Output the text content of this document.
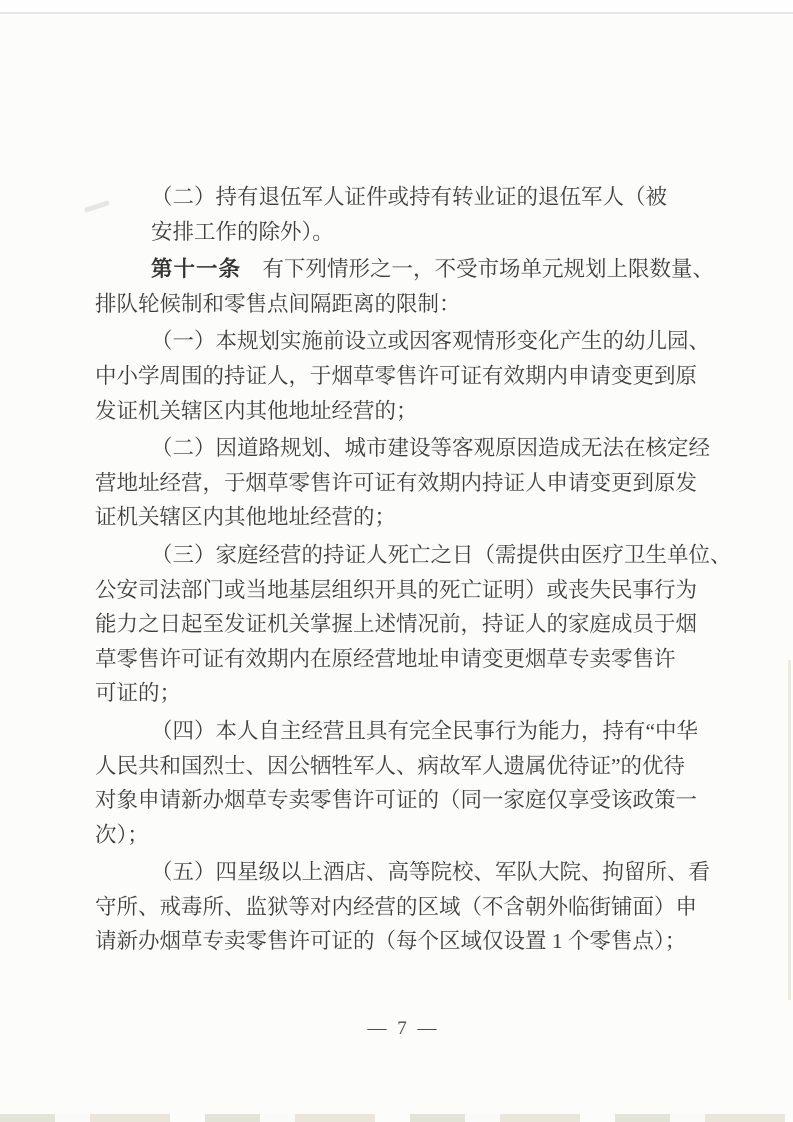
（二）持有退伍军人证件或持有转业证的退伍军人（被
安排工作的除外）。
第十一条　有下列情形之一，不受市场单元规划上限数量、
排队轮候制和零售点间隔距离的限制：
（一）本规划实施前设立或因客观情形变化产生的幼儿园、
中小学周围的持证人，于烟草零售许可证有效期内申请变更到原
发证机关辖区内其他地址经营的；
（二）因道路规划、城市建设等客观原因造成无法在核定经
营地址经营，于烟草零售许可证有效期内持证人申请变更到原发
证机关辖区内其他地址经营的；
（三）家庭经营的持证人死亡之日（需提供由医疗卫生单位、
公安司法部门或当地基层组织开具的死亡证明）或丧失民事行为
能力之日起至发证机关掌握上述情况前，持证人的家庭成员于烟
草零售许可证有效期内在原经营地址申请变更烟草专卖零售许
可证的；
（四）本人自主经营且具有完全民事行为能力，持有“中华
人民共和国烈士、因公牺牲军人、病故军人遗属优待证”的优待
对象申请新办烟草专卖零售许可证的（同一家庭仅享受该政策一
次）；
（五）四星级以上酒店、高等院校、军队大院、拘留所、看
守所、戒毒所、监狱等对内经营的区域（不含朝外临街铺面）申
请新办烟草专卖零售许可证的（每个区域仅设置 1 个零售点）；
— 7 —
